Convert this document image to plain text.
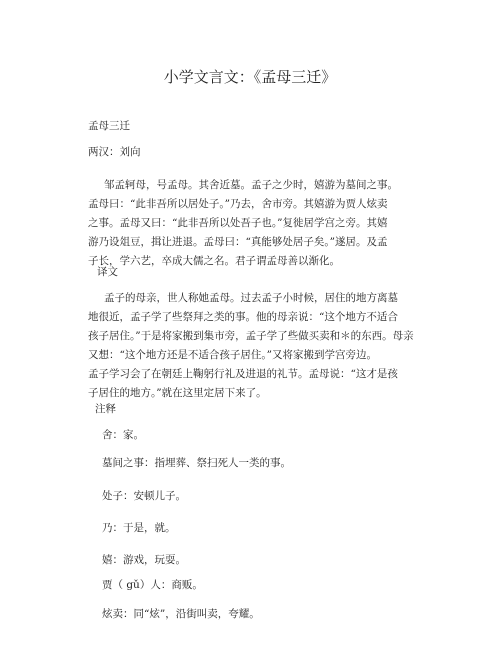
小学文言文：《孟母三迁》
孟母三迁
两汉：刘向
邹孟轲母，号孟母。其舍近墓。孟子之少时，嬉游为墓间之事。
孟母曰：“此非吾所以居处子。”乃去，舍市旁。其嬉游为贾人炫卖
之事。孟母又曰：“此非吾所以处吾子也。”复徙居学宫之旁。其嬉
游乃设俎豆，揖让进退。孟母曰：“真能够处居子矣。”遂居。及孟
子长，学六艺，卒成大儒之名。君子谓孟母善以渐化。
译文
孟子的母亲，世人称她孟母。过去孟子小时候，居住的地方离墓
地很近，孟子学了些祭拜之类的事。他的母亲说：“这个地方不适合
孩子居住。”于是将家搬到集市旁，孟子学了些做买卖和＊的东西。母亲
又想：“这个地方还是不适合孩子居住。”又将家搬到学宫旁边。
孟子学习会了在朝廷上鞠躬行礼及进退的礼节。孟母说：“这才是孩
子居住的地方。”就在这里定居下来了。
注释
舍：家。
墓间之事：指埋葬、祭扫死人一类的事。
处子：安顿儿子。
乃：于是，就。
嬉：游戏，玩耍。
贾（ gǔ）人：商贩。
炫卖：同“炫”，沿街叫卖，夸耀。
